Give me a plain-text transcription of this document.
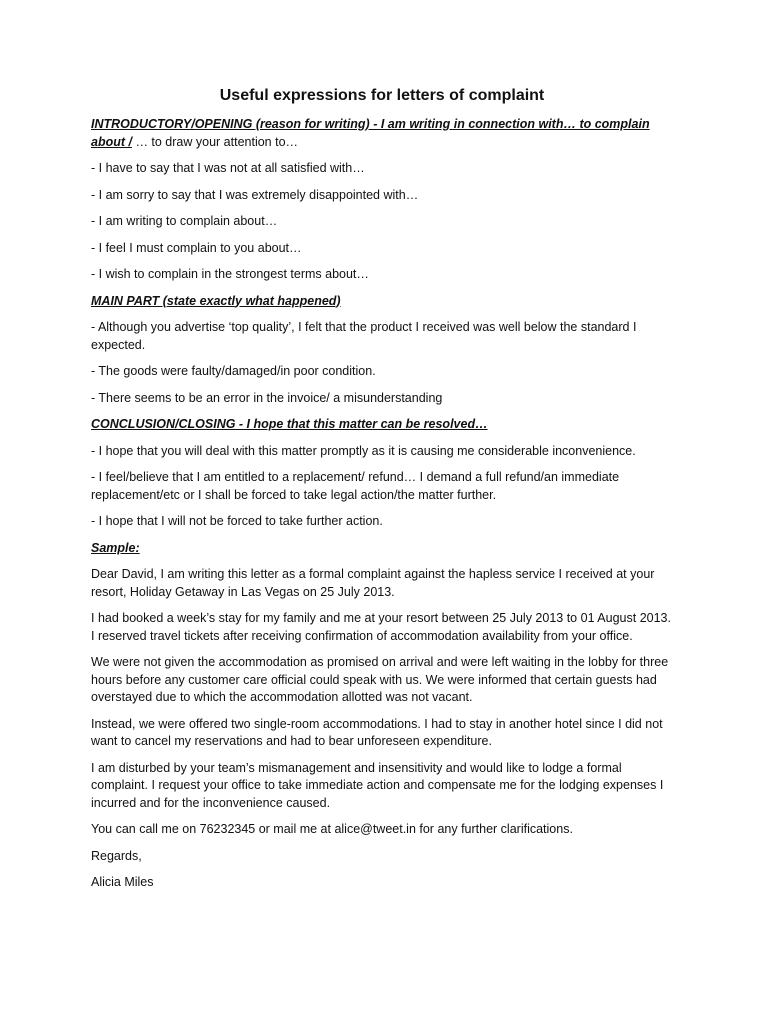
Useful expressions for letters of complaint

INTRODUCTORY/OPENING (reason for writing) - I am writing in connection with… to complain about / … to draw your attention to…

- I have to say that I was not at all satisfied with…

- I am sorry to say that I was extremely disappointed with…

- I am writing to complain about…

- I feel I must complain to you about…

- I wish to complain in the strongest terms about…

MAIN PART (state exactly what happened)

- Although you advertise ‘top quality’, I felt that the product I received was well below the standard I expected.

- The goods were faulty/damaged/in poor condition.

- There seems to be an error in the invoice/ a misunderstanding

CONCLUSION/CLOSING - I hope that this matter can be resolved…

- I hope that you will deal with this matter promptly as it is causing me considerable inconvenience.

- I feel/believe that I am entitled to a replacement/ refund… I demand a full refund/an immediate replacement/etc or I shall be forced to take legal action/the matter further.

- I hope that I will not be forced to take further action.

Sample:

Dear David, I am writing this letter as a formal complaint against the hapless service I received at your resort, Holiday Getaway in Las Vegas on 25 July 2013.

I had booked a week’s stay for my family and me at your resort between 25 July 2013 to 01 August 2013. I reserved travel tickets after receiving confirmation of accommodation availability from your office.

We were not given the accommodation as promised on arrival and were left waiting in the lobby for three hours before any customer care official could speak with us. We were informed that certain guests had overstayed due to which the accommodation allotted was not vacant.

Instead, we were offered two single-room accommodations. I had to stay in another hotel since I did not want to cancel my reservations and had to bear unforeseen expenditure.

I am disturbed by your team’s mismanagement and insensitivity and would like to lodge a formal complaint. I request your office to take immediate action and compensate me for the lodging expenses I incurred and for the inconvenience caused.

You can call me on 76232345 or mail me at alice@tweet.in for any further clarifications.

Regards,

Alicia Miles
